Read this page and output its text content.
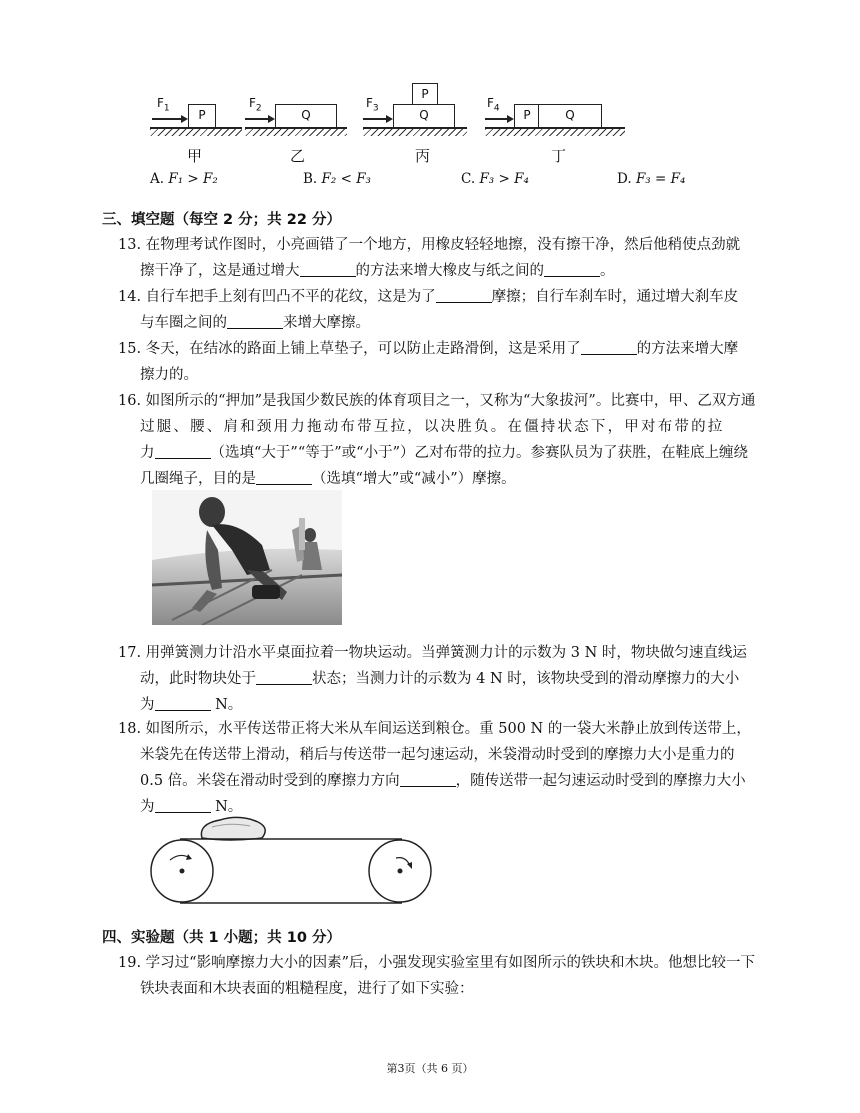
$F_1$	P
甲
$F_2$	Q
乙
$F_3$
P
Q
丙
$F_4$	P	Q
丁
A. F₁ > F₂	B. F₂ < F₃	C. F₃ > F₄	D. F₃ = F₄
三、填空题（每空 2 分；共 22 分）
13. 在物理考试作图时，小亮画错了一个地方，用橡皮轻轻地擦，没有擦干净，然后他稍使点劲就
擦干净了，这是通过增大	的方法来增大橡皮与纸之间的	。
14. 自行车把手上刻有凹凸不平的花纹，这是为了	摩擦；自行车刹车时，通过增大刹车皮
与车圈之间的	来增大摩擦。
15. 冬天，在结冰的路面上铺上草垫子，可以防止走路滑倒，这是采用了	的方法来增大摩
擦力的。
16. 如图所示的“押加”是我国少数民族的体育项目之一，又称为“大象拔河”。比赛中，甲、乙双方通
过腿、腰、肩和颈用力拖动布带互拉，以决胜负。在僵持状态下，甲对布带的拉
力	（选填“大于”“等于”或“小于”）乙对布带的拉力。参赛队员为了获胜，在鞋底上缠绕
几圈绳子，目的是	（选填“增大”或“减小”）摩擦。
17. 用弹簧测力计沿水平桌面拉着一物块运动。当弹簧测力计的示数为 3 N 时，物块做匀速直线运
动，此时物块处于	状态；当测力计的示数为 4 N 时，该物块受到的滑动摩擦力的大小
为	N。
18. 如图所示，水平传送带正将大米从车间运送到粮仓。重 500 N 的一袋大米静止放到传送带上，
米袋先在传送带上滑动，稍后与传送带一起匀速运动，米袋滑动时受到的摩擦力大小是重力的
0.5 倍。米袋在滑动时受到的摩擦力方向	，随传送带一起匀速运动时受到的摩擦力大小
为	N。
四、实验题（共 1 小题；共 10 分）
19. 学习过“影响摩擦力大小的因素”后，小强发现实验室里有如图所示的铁块和木块。他想比较一下
铁块表面和木块表面的粗糙程度，进行了如下实验：
第3页（共 6 页）
